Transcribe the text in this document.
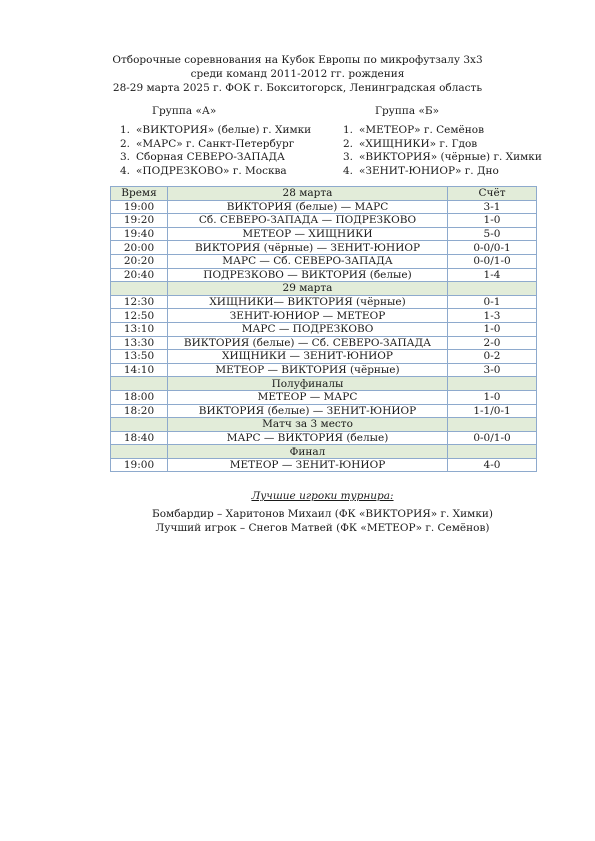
Отборочные соревнования на Кубок Европы по микрофутзалу 3х3
среди команд 2011-2012 гг. рождения
28-29 марта 2025 г. ФОК г. Бокситогорск, Ленинградская область
Группа «А»	Группа «Б»
1. «ВИКТОРИЯ» (белые) г. Химки
2. «МАРС» г. Санкт-Петербург
3. Сборная СЕВЕРО-ЗАПАДА
4. «ПОДРЕЗКОВО» г. Москва
1. «МЕТЕОР» г. Семёнов
2. «ХИЩНИКИ» г. Гдов
3. «ВИКТОРИЯ» (чёрные) г. Химки
4. «ЗЕНИТ-ЮНИОР» г. Дно
Время	28 марта	Счёт
19:00	ВИКТОРИЯ (белые) — МАРС	3-1
19:20	Сб. СЕВЕРО-ЗАПАДА — ПОДРЕЗКОВО	1-0
19:40	МЕТЕОР — ХИЩНИКИ	5-0
20:00	ВИКТОРИЯ (чёрные) — ЗЕНИТ-ЮНИОР	0-0/0-1
20:20	МАРС — Сб. СЕВЕРО-ЗАПАДА	0-0/1-0
20:40	ПОДРЕЗКОВО — ВИКТОРИЯ (белые)	1-4
	29 марта	
12:30	ХИЩНИКИ— ВИКТОРИЯ (чёрные)	0-1
12:50	ЗЕНИТ-ЮНИОР — МЕТЕОР	1-3
13:10	МАРС — ПОДРЕЗКОВО	1-0
13:30	ВИКТОРИЯ (белые) — Сб. СЕВЕРО-ЗАПАДА	2-0
13:50	ХИЩНИКИ — ЗЕНИТ-ЮНИОР	0-2
14:10	МЕТЕОР — ВИКТОРИЯ (чёрные)	3-0
	Полуфиналы	
18:00	МЕТЕОР — МАРС	1-0
18:20	ВИКТОРИЯ (белые) — ЗЕНИТ-ЮНИОР	1-1/0-1
	Матч за 3 место	
18:40	МАРС — ВИКТОРИЯ (белые)	0-0/1-0
	Финал	
19:00	МЕТЕОР — ЗЕНИТ-ЮНИОР	4-0
Лучшие игроки турнира:
Бомбардир – Харитонов Михаил (ФК «ВИКТОРИЯ» г. Химки)
Лучший игрок – Снегов Матвей (ФК «МЕТЕОР» г. Семёнов)
